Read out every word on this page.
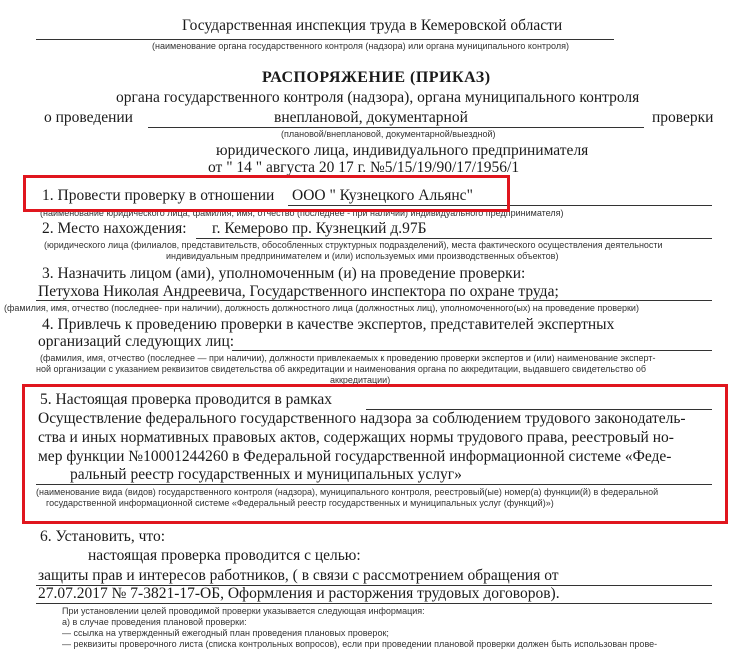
Государственная инспекция труда в Кемеровской области
(наименование органа государственного контроля (надзора) или органа муниципального контроля)
РАСПОРЯЖЕНИЕ (ПРИКАЗ)
органа государственного контроля (надзора), органа муниципального контроля
о проведении	внеплановой, документарной	проверки
(плановой/внеплановой, документарной/выездной)
юридического лица, индивидуального предпринимателя
от " 14 " августа 20 17 г. №5/15/19/90/17/1956/1
1. Провести проверку в отношении ООО " Кузнецкого Альянс"
(наименование юридического лица, фамилия, имя, отчество (последнее - при наличии) индивидуального предпринимателя)
2. Место нахождения: г. Кемерово пр. Кузнецкий д.97Б
(юридического лица (филиалов, представительств, обособленных структурных подразделений), места фактического осуществления деятельности
индивидуальным предпринимателем и (или) используемых ими производственных объектов)
3. Назначить лицом (ами), уполномоченным (и) на проведение проверки:
Петухова Николая Андреевича, Государственного инспектора по охране труда;
(фамилия, имя, отчество (последнее- при наличии), должность должностного лица (должностных лиц), уполномоченного(ых) на проведение проверки)
4. Привлечь к проведению проверки в качестве экспертов, представителей экспертных
организаций следующих лиц:
(фамилия, имя, отчество (последнее — при наличии), должности привлекаемых к проведению проверки экспертов и (или) наименование эксперт-
ной организации с указанием реквизитов свидетельства об аккредитации и наименования органа по аккредитации, выдавшего свидетельство об
аккредитации)
5. Настоящая проверка проводится в рамках
Осуществление федерального государственного надзора за соблюдением трудового законодатель-
ства и иных нормативных правовых актов, содержащих нормы трудового права, реестровый но-
мер функции №10001244260 в Федеральной государственной информационной системе «Феде-
ральный реестр государственных и муниципальных услуг»
(наименование вида (видов) государственного контроля (надзора), муниципального контроля, реестровый(ые) номер(а) функции(й) в федеральной
государственной информационной системе «Федеральный реестр государственных и муниципальных услуг (функций)»)
6. Установить, что:
настоящая проверка проводится с целью:
защиты прав и интересов работников, ( в связи с рассмотрением обращения от
27.07.2017 № 7-3821-17-ОБ, Оформления и расторжения трудовых договоров).
При установлении целей проводимой проверки указывается следующая информация:
а) в случае проведения плановой проверки:
— ссылка на утвержденный ежегодный план проведения плановых проверок;
— реквизиты проверочного листа (списка контрольных вопросов), если при проведении плановой проверки должен быть использован прове-
